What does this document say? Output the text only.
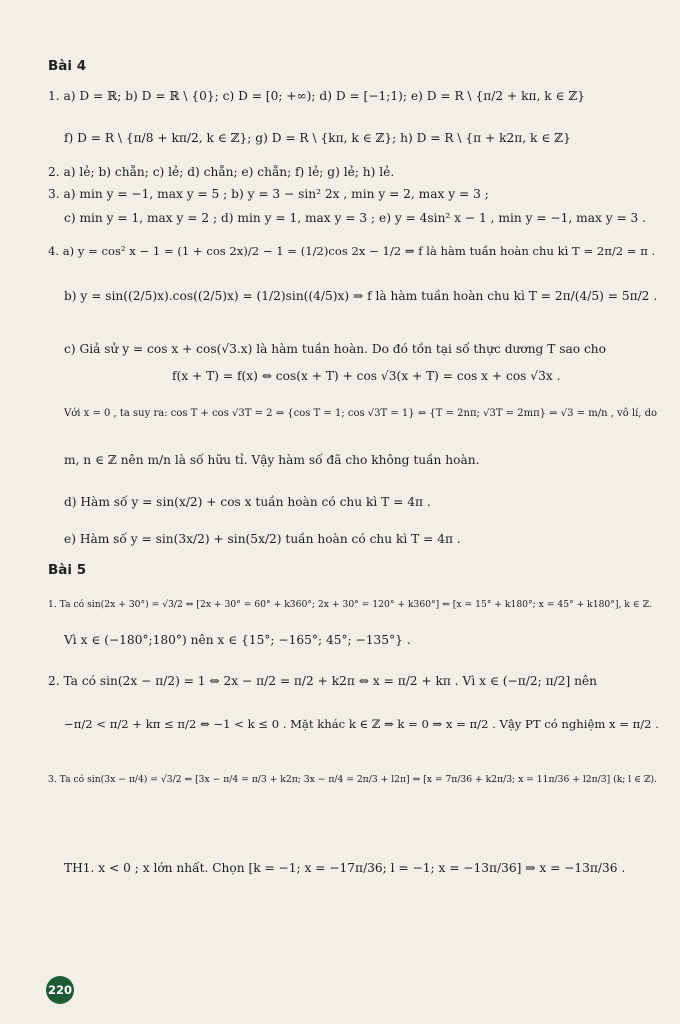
Bài 4
1. a) D = ℝ; b) D = ℝ \ {0}; c) D = [0; +∞); d) D = [−1;1); e) D = R \ {π/2 + kπ, k ∈ ℤ}
f) D = R \ {π/8 + kπ/2, k ∈ ℤ}; g) D = R \ {kπ, k ∈ ℤ}; h) D = R \ {π + k2π, k ∈ ℤ}
2. a) lẻ; b) chẵn; c) lẻ; d) chẵn; e) chẵn; f) lẻ; g) lẻ; h) lẻ.
3. a) min y = −1, max y = 5 ; b) y = 3 − sin² 2x , min y = 2, max y = 3 ;
c) min y = 1, max y = 2 ; d) min y = 1, max y = 3 ; e) y = 4sin² x − 1 , min y = −1, max y = 3 .
4. a) y = cos² x − 1 = (1 + cos 2x)/2 − 1 = (1/2)cos 2x − 1/2 ⇒ f là hàm tuần hoàn chu kì T = 2π/2 = π .
b) y = sin((2/5)x).cos((2/5)x) = (1/2)sin((4/5)x) ⇒ f là hàm tuần hoàn chu kì T = 2π/(4/5) = 5π/2 .
c) Giả sử y = cos x + cos(√3.x) là hàm tuần hoàn. Do đó tồn tại số thực dương T sao cho
f(x + T) = f(x) ⇔ cos(x + T) + cos √3(x + T) = cos x + cos √3x .
Với x = 0 , ta suy ra: cos T + cos √3T = 2 ⇔ {cos T = 1; cos √3T = 1} ⇔ {T = 2nπ; √3T = 2mπ} ⇒ √3 = m/n , vô lí, do
m, n ∈ ℤ nên m/n là số hữu tỉ. Vậy hàm số đã cho không tuần hoàn.
d) Hàm số y = sin(x/2) + cos x tuần hoàn có chu kì T = 4π .
e) Hàm số y = sin(3x/2) + sin(5x/2) tuần hoàn có chu kì T = 4π .
Bài 5
1. Ta có sin(2x + 30°) = √3/2 ⇔ [2x + 30° = 60° + k360°; 2x + 30° = 120° + k360°] ⇔ [x = 15° + k180°; x = 45° + k180°], k ∈ ℤ.
Vì x ∈ (−180°;180°) nên x ∈ {15°; −165°; 45°; −135°} .
2. Ta có sin(2x − π/2) = 1 ⇔ 2x − π/2 = π/2 + k2π ⇔ x = π/2 + kπ . Vì x ∈ (−π/2; π/2] nên
−π/2 < π/2 + kπ ≤ π/2 ⇔ −1 < k ≤ 0 . Mặt khác k ∈ ℤ ⇒ k = 0 ⇒ x = π/2 . Vậy PT có nghiệm x = π/2 .
3. Ta có sin(3x − π/4) = √3/2 ⇔ [3x − π/4 = π/3 + k2π; 3x − π/4 = 2π/3 + l2π] ⇔ [x = 7π/36 + k2π/3; x = 11π/36 + l2π/3] (k; l ∈ ℤ).
TH1. x < 0 ; x lớn nhất. Chọn [k = −1; x = −17π/36; l = −1; x = −13π/36] ⇒ x = −13π/36 .
220
